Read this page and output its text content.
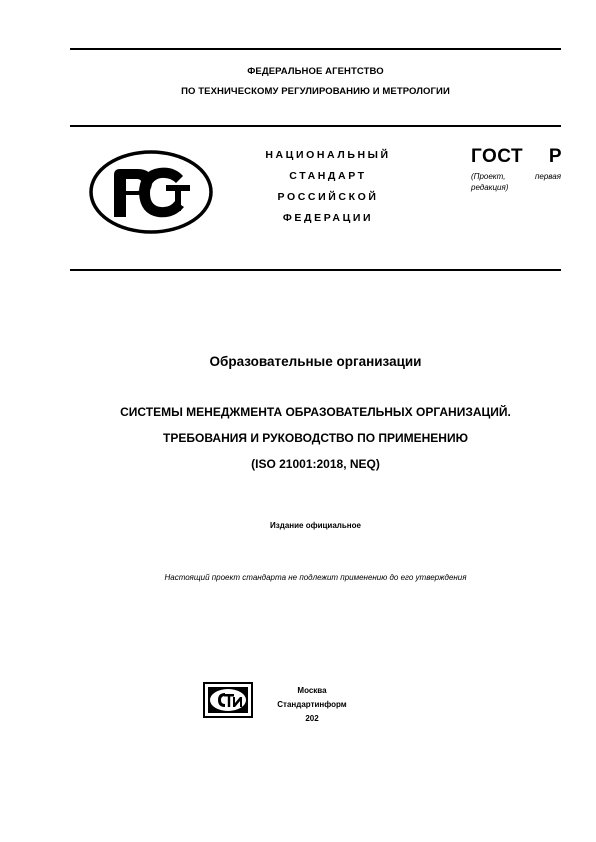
ФЕДЕРАЛЬНОЕ АГЕНТСТВО
ПО ТЕХНИЧЕСКОМУ РЕГУЛИРОВАНИЮ И МЕТРОЛОГИИ
НАЦИОНАЛЬНЫЙ
СТАНДАРТ
РОССИЙСКОЙ
ФЕДЕРАЦИИ
ГОСТ Р
(Проект, первая редакция)
Образовательные организации
СИСТЕМЫ МЕНЕДЖМЕНТА ОБРАЗОВАТЕЛЬНЫХ ОРГАНИЗАЦИЙ.
ТРЕБОВАНИЯ И РУКОВОДСТВО ПО ПРИМЕНЕНИЮ
(ISO 21001:2018, NEQ)
Издание официальное
Настоящий проект стандарта не подлежит применению до его утверждения
Москва
Стандартинформ
202
